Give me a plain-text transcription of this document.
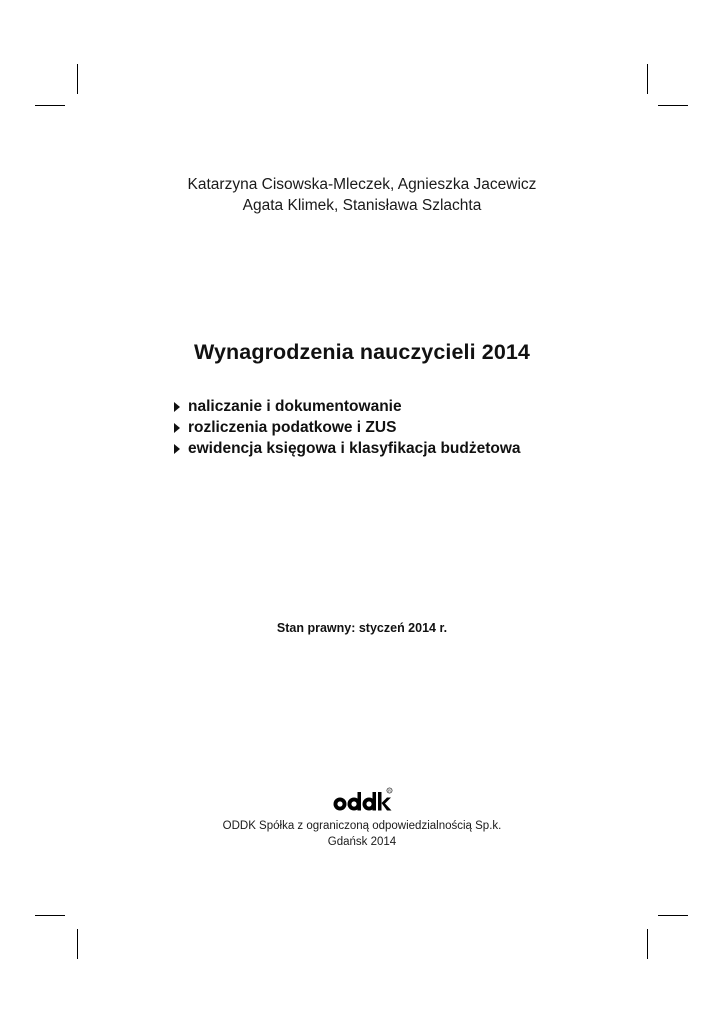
Katarzyna Cisowska-Mleczek, Agnieszka Jacewicz
Agata Klimek, Stanisława Szlachta
Wynagrodzenia nauczycieli 2014
naliczanie i dokumentowanie
rozliczenia podatkowe i ZUS
ewidencja księgowa i klasyfikacja budżetowa
Stan prawny: styczeń 2014 r.
R
ODDK Spółka z ograniczoną odpowiedzialnością Sp.k.
Gdańsk 2014
